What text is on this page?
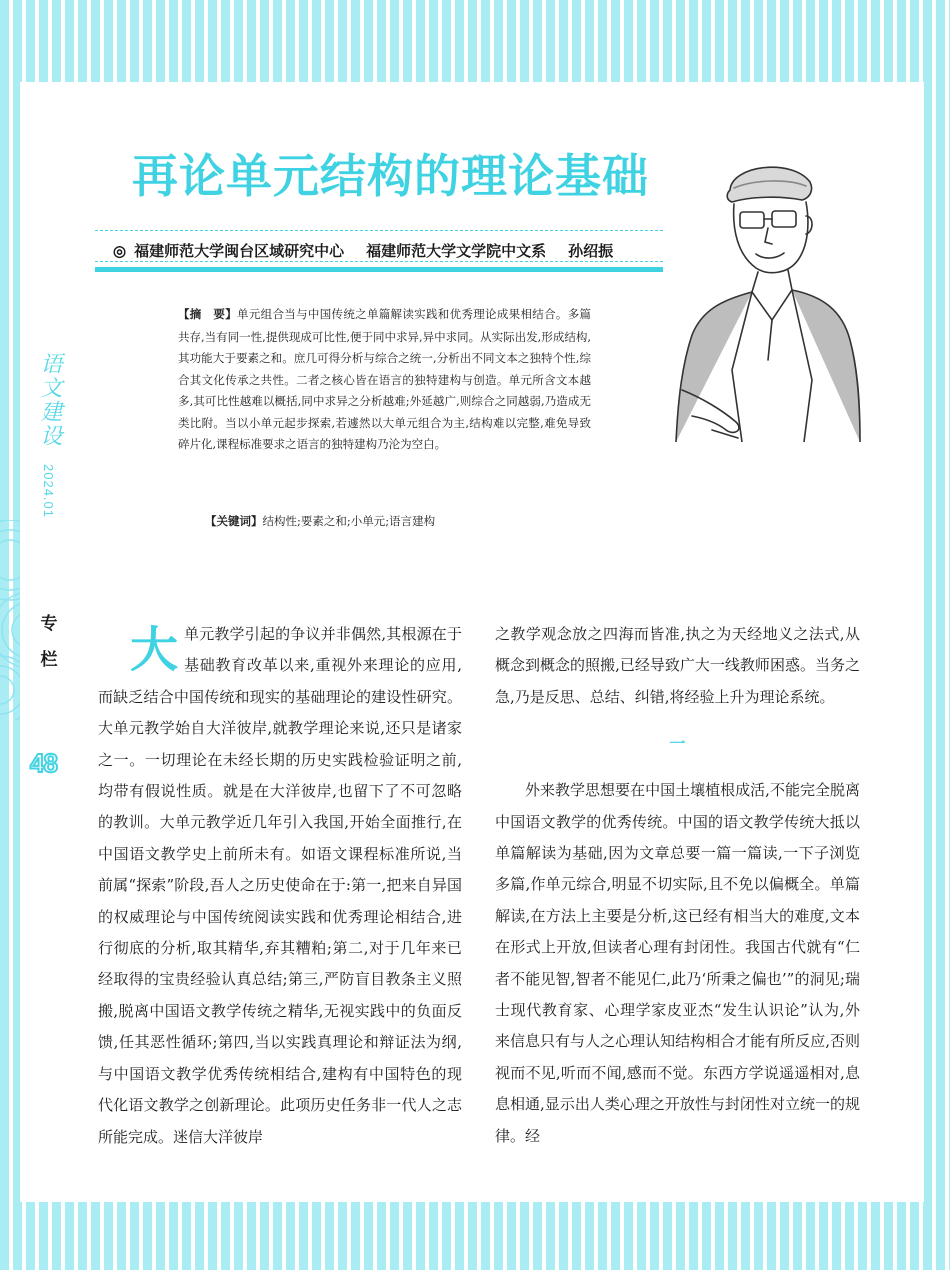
语文建设
2024.01
专栏
48
再论单元结构的理论基础
◎ 福建师范大学闽台区域研究中心 福建师范大学文学院中文系 孙绍振
【摘　要】单元组合当与中国传统之单篇解读实践和优秀理论成果相结合。多篇共存,当有同一性,提供现成可比性,便于同中求异,异中求同。从实际出发,形成结构,其功能大于要素之和。庶几可得分析与综合之统一,分析出不同文本之独特个性,综合其文化传承之共性。二者之核心皆在语言的独特建构与创造。单元所含文本越多,其可比性越难以概括,同中求异之分析越难;外延越广,则综合之同越弱,乃造成无类比附。当以小单元起步探索,若遽然以大单元组合为主,结构难以完整,难免导致碎片化,课程标准要求之语言的独特建构乃沦为空白。
【关键词】结构性;要素之和;小单元;语言建构

大单元教学引起的争议并非偶然,其根源在于基础教育改革以来,重视外来理论的应用,而缺乏结合中国传统和现实的基础理论的建设性研究。大单元教学始自大洋彼岸,就教学理论来说,还只是诸家之一。一切理论在未经长期的历史实践检验证明之前,均带有假说性质。就是在大洋彼岸,也留下了不可忽略的教训。大单元教学近几年引入我国,开始全面推行,在中国语文教学史上前所未有。如语文课程标准所说,当前属“探索”阶段,吾人之历史使命在于:第一,把来自异国的权威理论与中国传统阅读实践和优秀理论相结合,进行彻底的分析,取其精华,弃其糟粕;第二,对于几年来已经取得的宝贵经验认真总结;第三,严防盲目教条主义照搬,脱离中国语文教学传统之精华,无视实践中的负面反馈,任其恶性循环;第四,当以实践真理论和辩证法为纲,与中国语文教学优秀传统相结合,建构有中国特色的现代化语文教学之创新理论。此项历史任务非一代人之志所能完成。迷信大洋彼岸

之教学观念放之四海而皆准,执之为天经地义之法式,从概念到概念的照搬,已经导致广大一线教师困惑。当务之急,乃是反思、总结、纠错,将经验上升为理论系统。

一

外来教学思想要在中国土壤植根成活,不能完全脱离中国语文教学的优秀传统。中国的语文教学传统大抵以单篇解读为基础,因为文章总要一篇一篇读,一下子浏览多篇,作单元综合,明显不切实际,且不免以偏概全。单篇解读,在方法上主要是分析,这已经有相当大的难度,文本在形式上开放,但读者心理有封闭性。我国古代就有“仁者不能见智,智者不能见仁,此乃‘所秉之偏也’”的洞见;瑞士现代教育家、心理学家皮亚杰“发生认识论”认为,外来信息只有与人之心理认知结构相合才能有所反应,否则视而不见,听而不闻,感而不觉。东西方学说遥遥相对,息息相通,显示出人类心理之开放性与封闭性对立统一的规律。经
